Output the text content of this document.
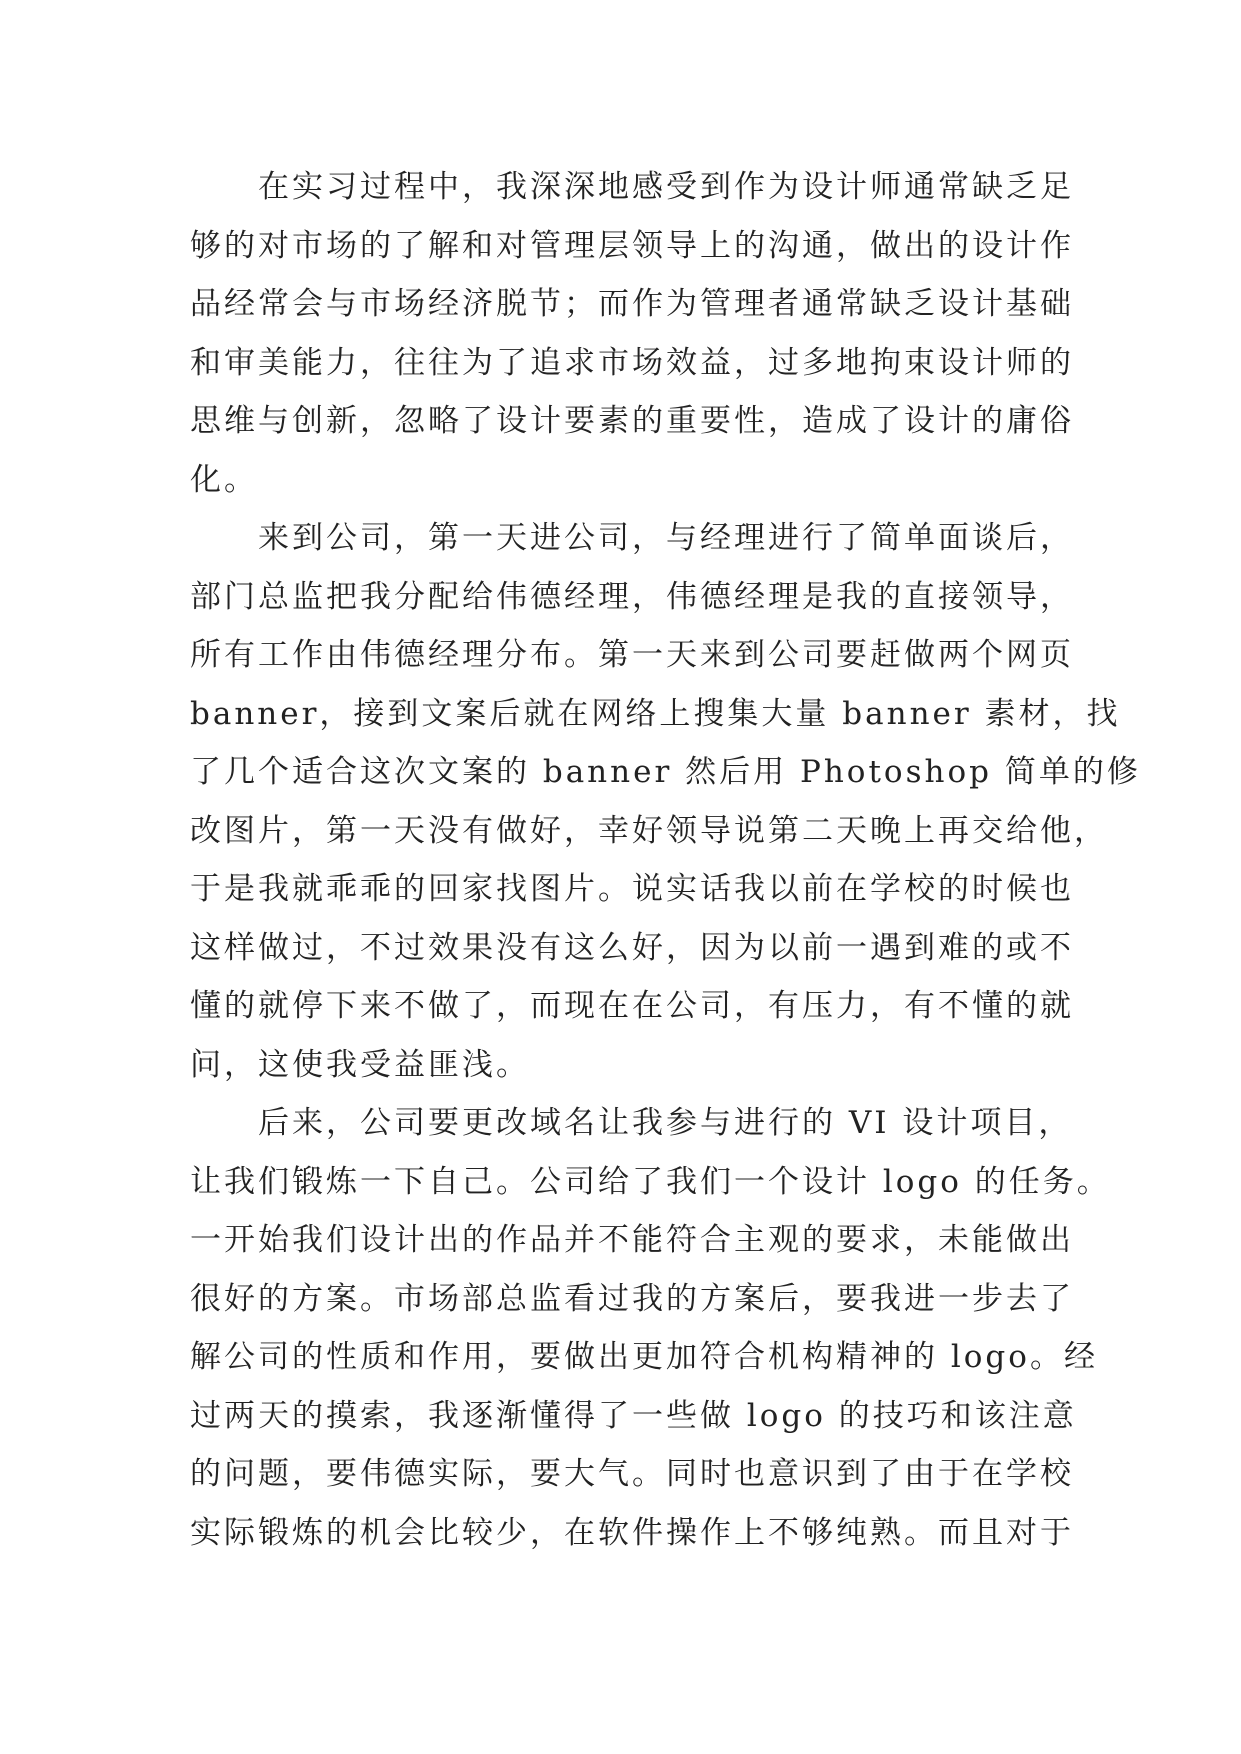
在实习过程中，我深深地感受到作为设计师通常缺乏足

够的对市场的了解和对管理层领导上的沟通，做出的设计作

品经常会与市场经济脱节；而作为管理者通常缺乏设计基础

和审美能力，往往为了追求市场效益，过多地拘束设计师的

思维与创新，忽略了设计要素的重要性，造成了设计的庸俗

化。

来到公司，第一天进公司，与经理进行了简单面谈后，

部门总监把我分配给伟德经理，伟德经理是我的直接领导，

所有工作由伟德经理分布。第一天来到公司要赶做两个网页

banner，接到文案后就在网络上搜集大量 banner 素材，找

了几个适合这次文案的 banner 然后用 Photoshop 简单的修

改图片，第一天没有做好，幸好领导说第二天晚上再交给他，

于是我就乖乖的回家找图片。说实话我以前在学校的时候也

这样做过，不过效果没有这么好，因为以前一遇到难的或不

懂的就停下来不做了，而现在在公司，有压力，有不懂的就

问，这使我受益匪浅。

后来，公司要更改域名让我参与进行的 VI 设计项目，

让我们锻炼一下自己。公司给了我们一个设计 logo 的任务。

一开始我们设计出的作品并不能符合主观的要求，未能做出

很好的方案。市场部总监看过我的方案后，要我进一步去了

解公司的性质和作用，要做出更加符合机构精神的 logo。经

过两天的摸索，我逐渐懂得了一些做 logo 的技巧和该注意

的问题，要伟德实际，要大气。同时也意识到了由于在学校

实际锻炼的机会比较少，在软件操作上不够纯熟。而且对于
